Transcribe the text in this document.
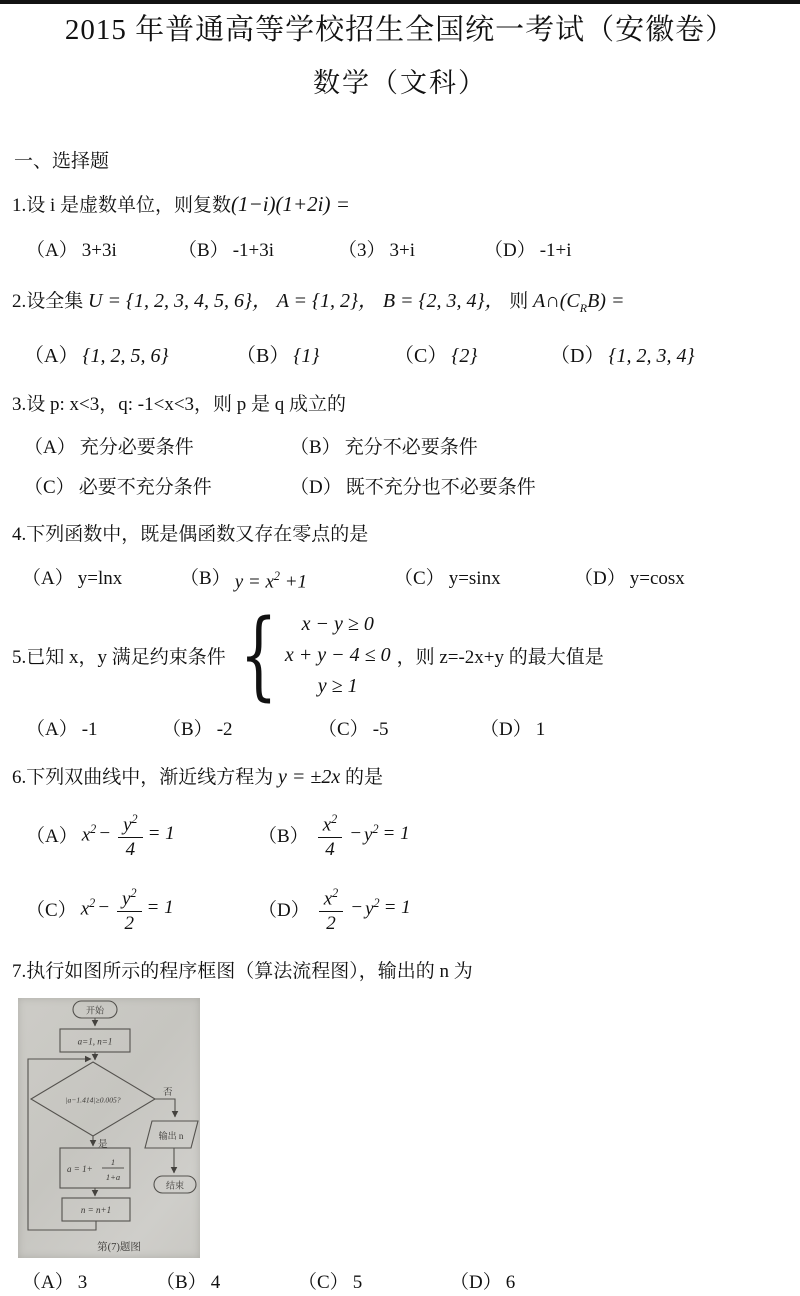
2015 年普通高等学校招生全国统一考试（安徽卷）
数学（文科）
一、选择题
1.设 i 是虚数单位，则复数(1−i)(1+2i) =
（A） 3+3i	（B） -1+3i	（3） 3+i	（D） -1+i
2.设全集 U = {1, 2, 3, 4, 5, 6}， A = {1, 2}， B = {2, 3, 4}， 则 $A\cap(C_RB)$ =
（A） {1, 2, 5, 6}	（B） {1}	（C） {2}	（D） {1, 2, 3, 4}
3.设 p: x<3，q: -1<x<3，则 p 是 q 成立的
（A） 充分必要条件	（B） 充分不必要条件
（C） 必要不充分条件	（D） 既不充分也不必要条件
4.下列函数中，既是偶函数又存在零点的是
（A） y=lnx	（B） $y = x^2 +1$	（C） y=sinx	（D） y=cosx
5.已知 x，y 满足约束条件 { x − y ≥ 0
x + y − 4 ≤ 0
y ≥ 1
，则 z=-2x+y 的最大值是
（A） -1	（B） -2	（C） -5	（D） 1
6.下列双曲线中，渐近线方程为 y = ±2x 的是
（A） $x^2 - \frac{y^2}{4} = 1$	$(B) \frac{x^2}{4} - y^2 = 1$
（C） $x^2 - \frac{y^2}{2} = 1$	$(D) \frac{x^2}{2} - y^2 = 1$
7.执行如图所示的程序框图（算法流程图），输出的 n 为
开始
a=1, n=1
|a−1.414|≥0.005?
否
是
a = 1+
1
1+a
n = n+1
输出 n
结束
第(7)题图
（A） 3	（B） 4	（C） 5	（D） 6
